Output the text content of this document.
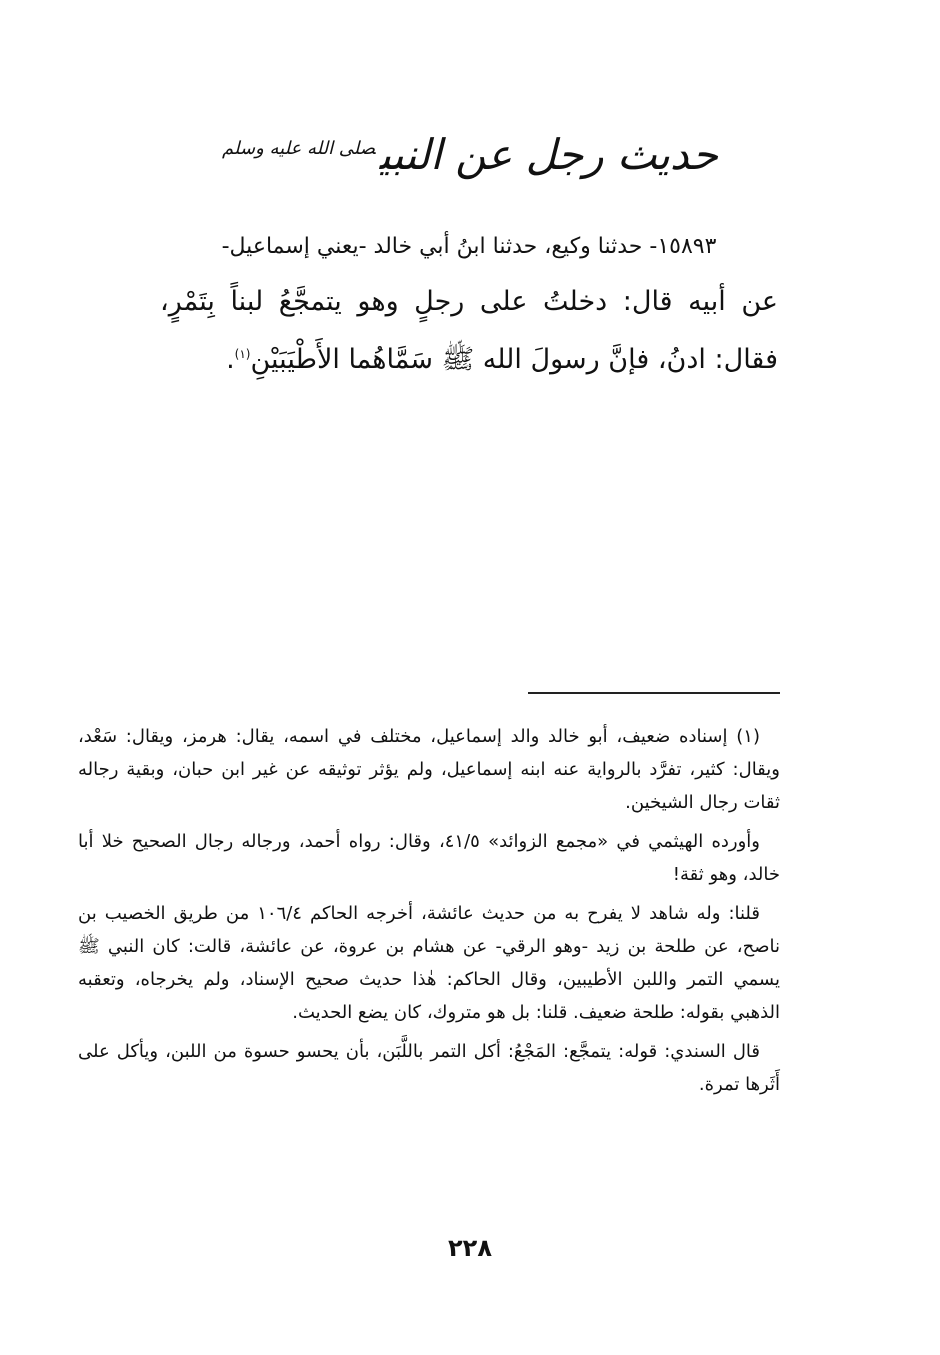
حديث رجل عن النبي$^{صلى الله عليه وسلم}$

١٥٨٩٣- حدثنا وكيع، حدثنا ابنُ أبي خالد -يعني إسماعيل-

عن أبيه قال: دخلتُ على رجلٍ وهو يتمجَّعُ لبناً بِتَمْرٍ، فقال: ادنُ، فإنَّ رسولَ الله ﷺ سَمَّاهُما الأَطْيَبَيْنِ$^{(١)}$.

(١) إسناده ضعيف، أبو خالد والد إسماعيل، مختلف في اسمه، يقال: هرمز، ويقال: سَعْد، ويقال: كثير، تفرَّد بالرواية عنه ابنه إسماعيل، ولم يؤثر توثيقه عن غير ابن حبان، وبقية رجاله ثقات رجال الشيخين.

وأورده الهيثمي في «مجمع الزوائد» ٤١/٥، وقال: رواه أحمد، ورجاله رجال الصحيح خلا أبا خالد، وهو ثقة!

قلنا: وله شاهد لا يفرح به من حديث عائشة، أخرجه الحاكم ١٠٦/٤ من طريق الخصيب بن ناصح، عن طلحة بن زيد -وهو الرقي- عن هشام بن عروة، عن عائشة، قالت: كان النبي ﷺ يسمي التمر واللبن الأطيبين، وقال الحاكم: هٰذا حديث صحيح الإسناد، ولم يخرجاه، وتعقبه الذهبي بقوله: طلحة ضعيف. قلنا: بل هو متروك، كان يضع الحديث.

قال السندي: قوله: يتمجَّع: المَجْعُ: أكل التمر باللَّبَن، بأن يحسو حسوة من اللبن، ويأكل على أَثَرها تمرة.

٢٢٨
